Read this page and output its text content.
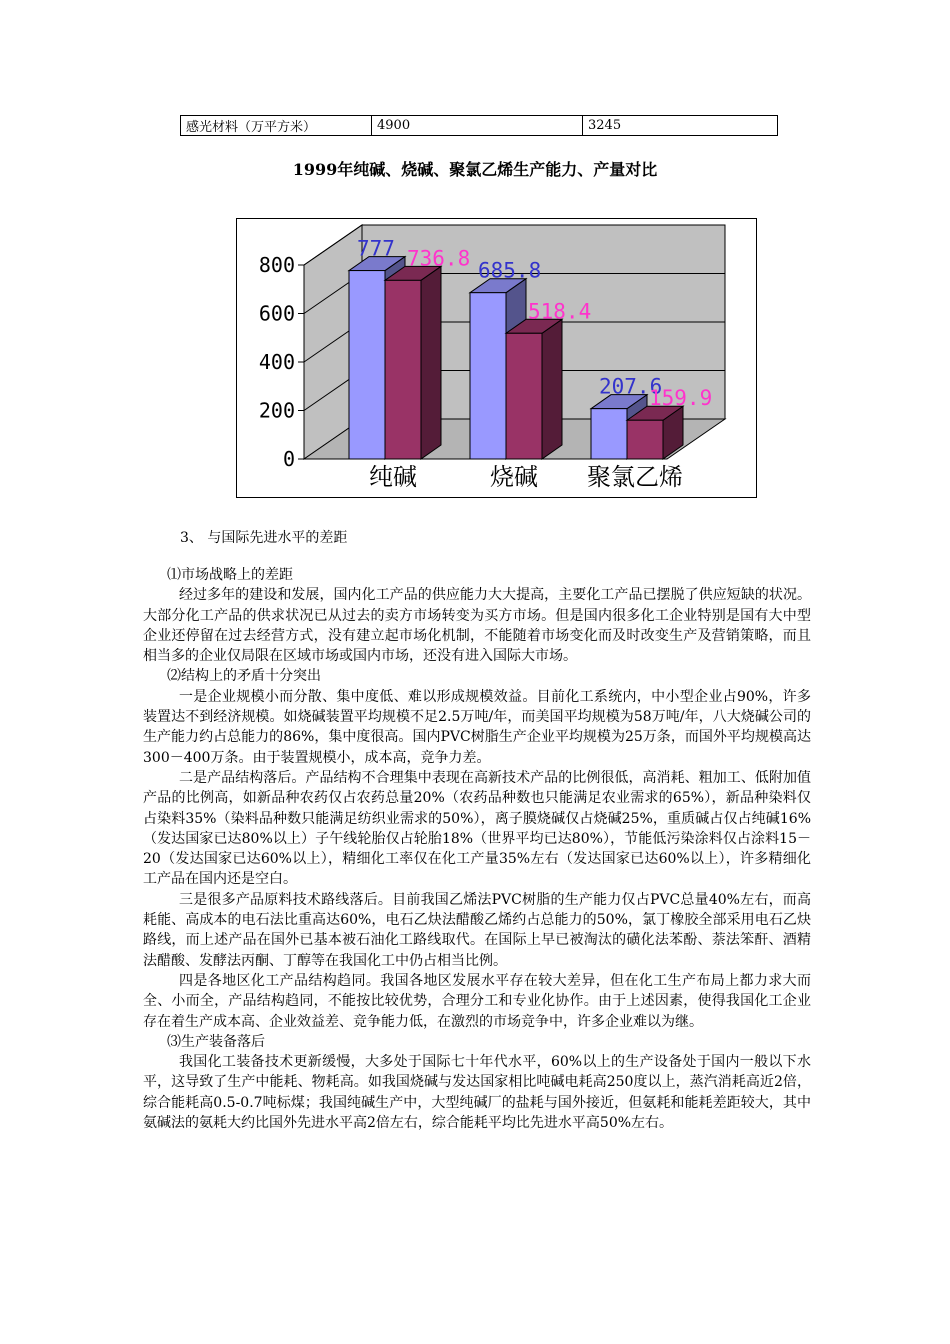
感光材料（万平方米）	4900	3245
1999年纯碱、烧碱、聚氯乙烯生产能力、产量对比
0
200
400
600
800
777 736.8
纯碱
685.8
518.4
烧碱
207.6
159.9
聚氯乙烯
3、 与国际先进水平的差距

⑴市场战略上的差距

经过多年的建设和发展，国内化工产品的供应能力大大提高，主要化工产品已摆脱了供应短缺的状况。大部分化工产品的供求状况已从过去的卖方市场转变为买方市场。但是国内很多化工企业特别是国有大中型企业还停留在过去经营方式，没有建立起市场化机制，不能随着市场变化而及时改变生产及营销策略，而且相当多的企业仅局限在区域市场或国内市场，还没有进入国际大市场。

⑵结构上的矛盾十分突出

一是企业规模小而分散、集中度低、难以形成规模效益。目前化工系统内，中小型企业占90%，许多装置达不到经济规模。如烧碱装置平均规模不足2.5万吨/年，而美国平均规模为58万吨/年，八大烧碱公司的生产能力约占总能力的86%，集中度很高。国内PVC树脂生产企业平均规模为25万条，而国外平均规模高达300－400万条。由于装置规模小，成本高，竞争力差。

二是产品结构落后。产品结构不合理集中表现在高新技术产品的比例很低，高消耗、粗加工、低附加值产品的比例高，如新品种农药仅占农药总量20%（农药品种数也只能满足农业需求的65%），新品种染料仅占染料35%（染料品种数只能满足纺织业需求的50%），离子膜烧碱仅占烧碱25%，重质碱占仅占纯碱16%（发达国家已达80%以上）子午线轮胎仅占轮胎18%（世界平均已达80%），节能低污染涂料仅占涂料15－20（发达国家已达60%以上），精细化工率仅在化工产量35%左右（发达国家已达60%以上），许多精细化工产品在国内还是空白。

三是很多产品原料技术路线落后。目前我国乙烯法PVC树脂的生产能力仅占PVC总量40%左右，而高耗能、高成本的电石法比重高达60%，电石乙炔法醋酸乙烯约占总能力的50%，氯丁橡胶全部采用电石乙炔路线，而上述产品在国外已基本被石油化工路线取代。在国际上早已被淘汰的磺化法苯酚、萘法笨酐、酒精法醋酸、发酵法丙酮、丁醇等在我国化工中仍占相当比例。

四是各地区化工产品结构趋同。我国各地区发展水平存在较大差异，但在化工生产布局上都力求大而全、小而全，产品结构趋同，不能按比较优势，合理分工和专业化协作。由于上述因素，使得我国化工企业存在着生产成本高、企业效益差、竞争能力低，在激烈的市场竞争中，许多企业难以为继。

⑶生产装备落后

我国化工装备技术更新缓慢，大多处于国际七十年代水平，60%以上的生产设备处于国内一般以下水平，这导致了生产中能耗、物耗高。如我国烧碱与发达国家相比吨碱电耗高250度以上，蒸汽消耗高近2倍，综合能耗高0.5-0.7吨标煤；我国纯碱生产中，大型纯碱厂的盐耗与国外接近，但氨耗和能耗差距较大，其中氨碱法的氨耗大约比国外先进水平高2倍左右，综合能耗平均比先进水平高50%左右。
